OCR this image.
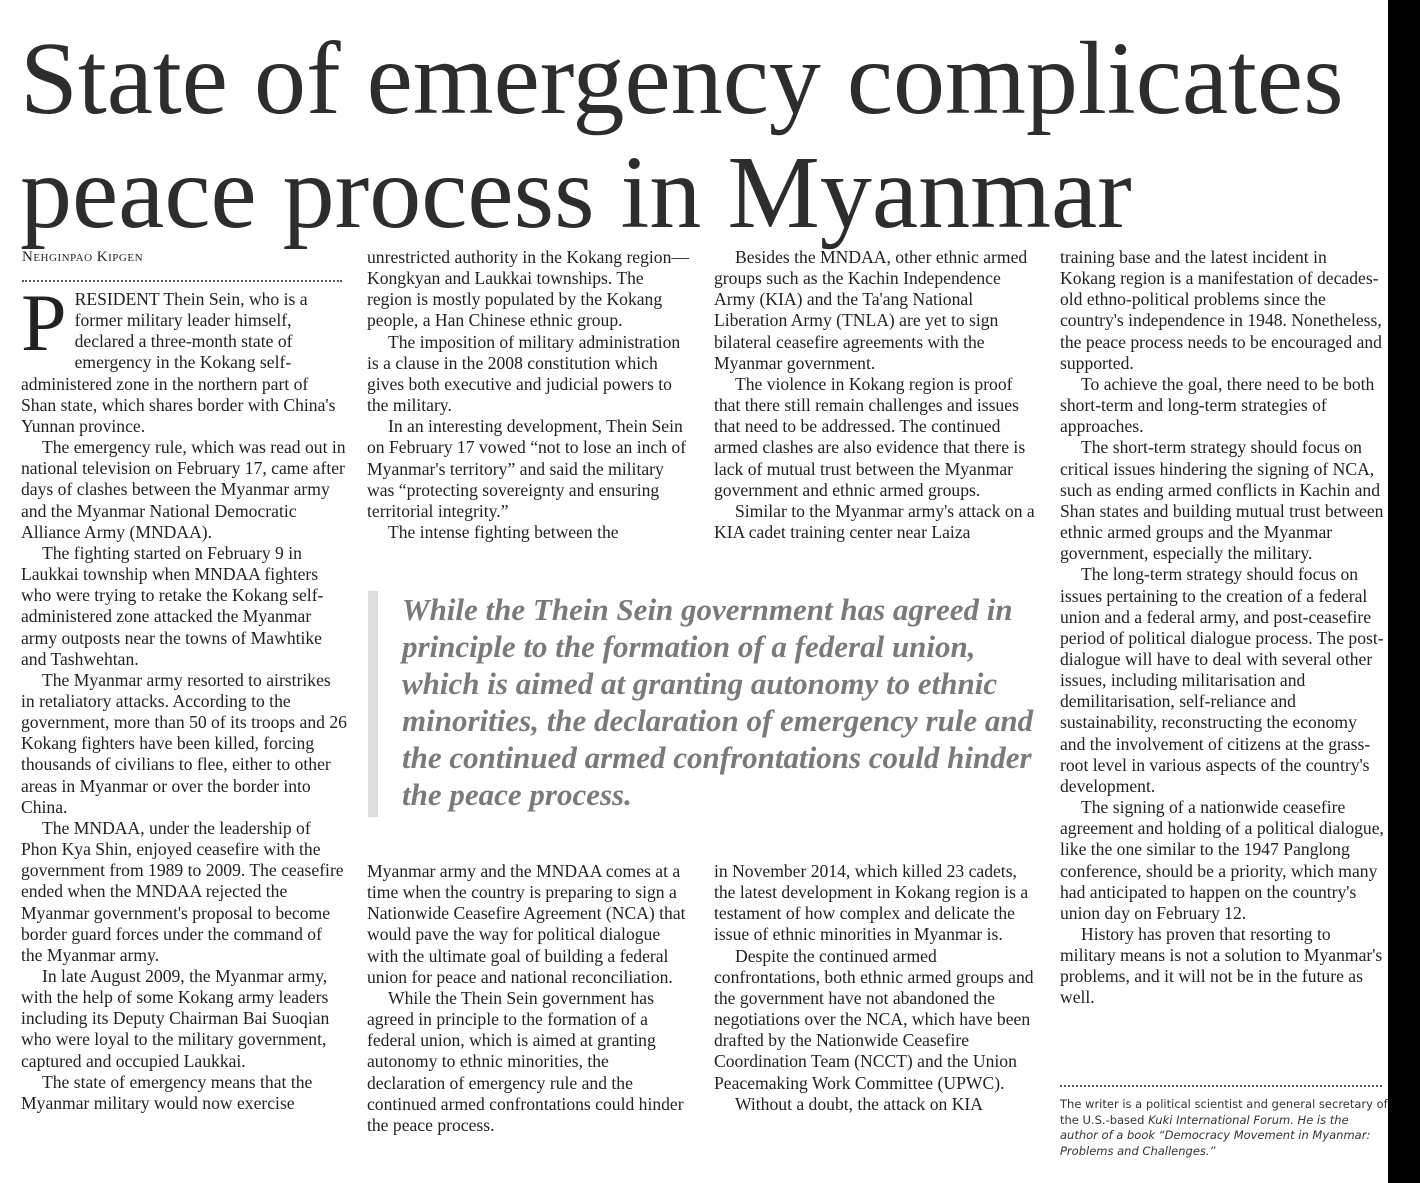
State of emergency complicates peace process in Myanmar
Nehginpao Kipgen

PRESIDENT Thein Sein, who is a former military leader himself, declared a three-month state of emergency in the Kokang self-administered zone in the northern part of Shan state, which shares border with China's Yunnan province.

The emergency rule, which was read out in national television on February 17, came after days of clashes between the Myanmar army and the Myanmar National Democratic Alliance Army (MNDAA).

The fighting started on February 9 in Laukkai township when MNDAA fighters who were trying to retake the Kokang self-administered zone attacked the Myanmar army outposts near the towns of Mawhtike and Tashwehtan.

The Myanmar army resorted to airstrikes in retaliatory attacks. According to the government, more than 50 of its troops and 26 Kokang fighters have been killed, forcing thousands of civilians to flee, either to other areas in Myanmar or over the border into China.

The MNDAA, under the leadership of Phon Kya Shin, enjoyed ceasefire with the government from 1989 to 2009. The ceasefire ended when the MNDAA rejected the Myanmar government's proposal to become border guard forces under the command of the Myanmar army.

In late August 2009, the Myanmar army, with the help of some Kokang army leaders including its Deputy Chairman Bai Suoqian who were loyal to the military government, captured and occupied Laukkai.

The state of emergency means that the Myanmar military would now exercise

unrestricted authority in the Kokang region—Kongkyan and Laukkai townships. The region is mostly populated by the Kokang people, a Han Chinese ethnic group.

The imposition of military administration is a clause in the 2008 constitution which gives both executive and judicial powers to the military.

In an interesting development, Thein Sein on February 17 vowed “not to lose an inch of Myanmar's territory” and said the military was “protecting sovereignty and ensuring territorial integrity.”

The intense fighting between the

Besides the MNDAA, other ethnic armed groups such as the Kachin Independence Army (KIA) and the Ta'ang National Liberation Army (TNLA) are yet to sign bilateral ceasefire agreements with the Myanmar government.

The violence in Kokang region is proof that there still remain challenges and issues that need to be addressed. The continued armed clashes are also evidence that there is lack of mutual trust between the Myanmar government and ethnic armed groups.

Similar to the Myanmar army's attack on a KIA cadet training center near Laiza

While the Thein Sein government has agreed in principle to the formation of a federal union, which is aimed at granting autonomy to ethnic minorities, the declaration of emergency rule and the continued armed confrontations could hinder the peace process.

Myanmar army and the MNDAA comes at a time when the country is preparing to sign a Nationwide Ceasefire Agreement (NCA) that would pave the way for political dialogue with the ultimate goal of building a federal union for peace and national reconciliation.

While the Thein Sein government has agreed in principle to the formation of a federal union, which is aimed at granting autonomy to ethnic minorities, the declaration of emergency rule and the continued armed confrontations could hinder the peace process.

in November 2014, which killed 23 cadets, the latest development in Kokang region is a testament of how complex and delicate the issue of ethnic minorities in Myanmar is.

Despite the continued armed confrontations, both ethnic armed groups and the government have not abandoned the negotiations over the NCA, which have been drafted by the Nationwide Ceasefire Coordination Team (NCCT) and the Union Peacemaking Work Committee (UPWC).

Without a doubt, the attack on KIA

training base and the latest incident in Kokang region is a manifestation of decades-old ethno-political problems since the country's independence in 1948. Nonetheless, the peace process needs to be encouraged and supported.

To achieve the goal, there need to be both short-term and long-term strategies of approaches.

The short-term strategy should focus on critical issues hindering the signing of NCA, such as ending armed conflicts in Kachin and Shan states and building mutual trust between ethnic armed groups and the Myanmar government, especially the military.

The long-term strategy should focus on issues pertaining to the creation of a federal union and a federal army, and post-ceasefire period of political dialogue process. The post-dialogue will have to deal with several other issues, including militarisation and demilitarisation, self-reliance and sustainability, reconstructing the economy and the involvement of citizens at the grass-root level in various aspects of the country's development.

The signing of a nationwide ceasefire agreement and holding of a political dialogue, like the one similar to the 1947 Panglong conference, should be a priority, which many had anticipated to happen on the country's union day on February 12.

History has proven that resorting to military means is not a solution to Myanmar's problems, and it will not be in the future as well.

The writer is a political scientist and general secretary of the U.S.-based Kuki International Forum. He is the author of a book “Democracy Movement in Myanmar: Problems and Challenges.”
